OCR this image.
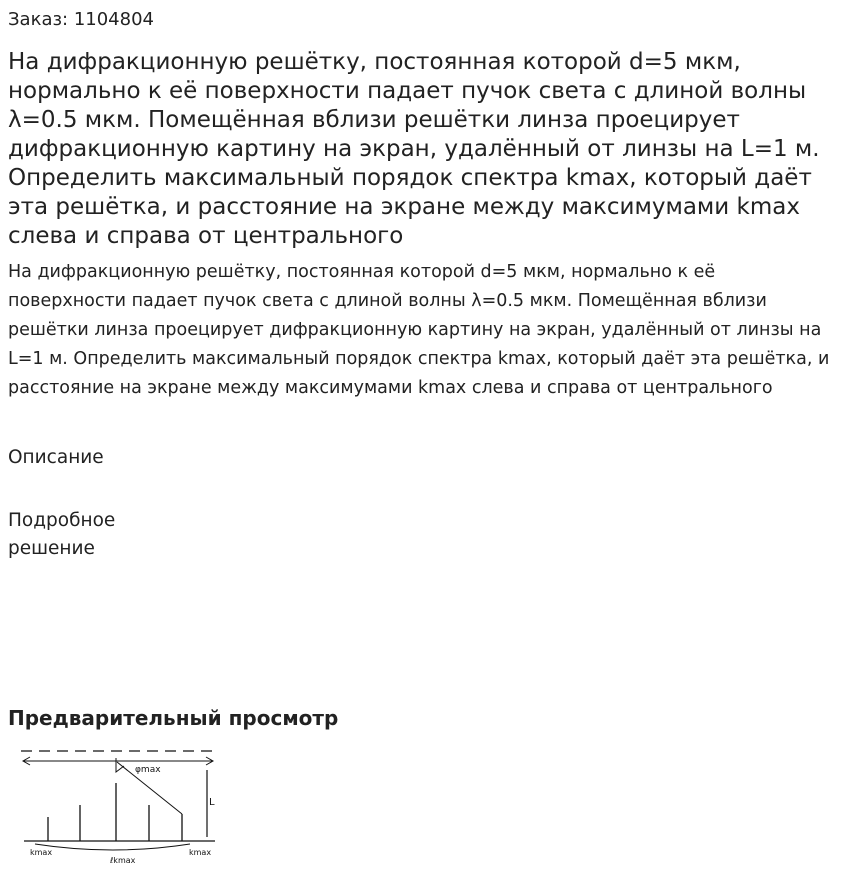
Заказ: 1104804
На дифракционную решётку, постоянная которой d=5 мкм, нормально к её поверхности падает пучок света с длиной волны λ=0.5 мкм. Помещённая вблизи решётки линза проецирует дифракционную картину на экран, удалённый от линзы на L=1 м. Определить максимальный порядок спектра kmax, который даёт эта решётка, и расстояние на экране между максимумами kmax слева и справа от центрального

На дифракционную решётку, постоянная которой d=5 мкм, нормально к её поверхности падает пучок света с длиной волны λ=0.5 мкм. Помещённая вблизи решётки линза проецирует дифракционную картину на экран, удалённый от линзы на L=1 м. Определить максимальный порядок спектра kmax, который даёт эта решётка, и расстояние на экране между максимумами kmax слева и справа от центрального

Описание
Подробное решение
Предварительный просмотр
φmax
L
kmax
ℓkmax
kmax
